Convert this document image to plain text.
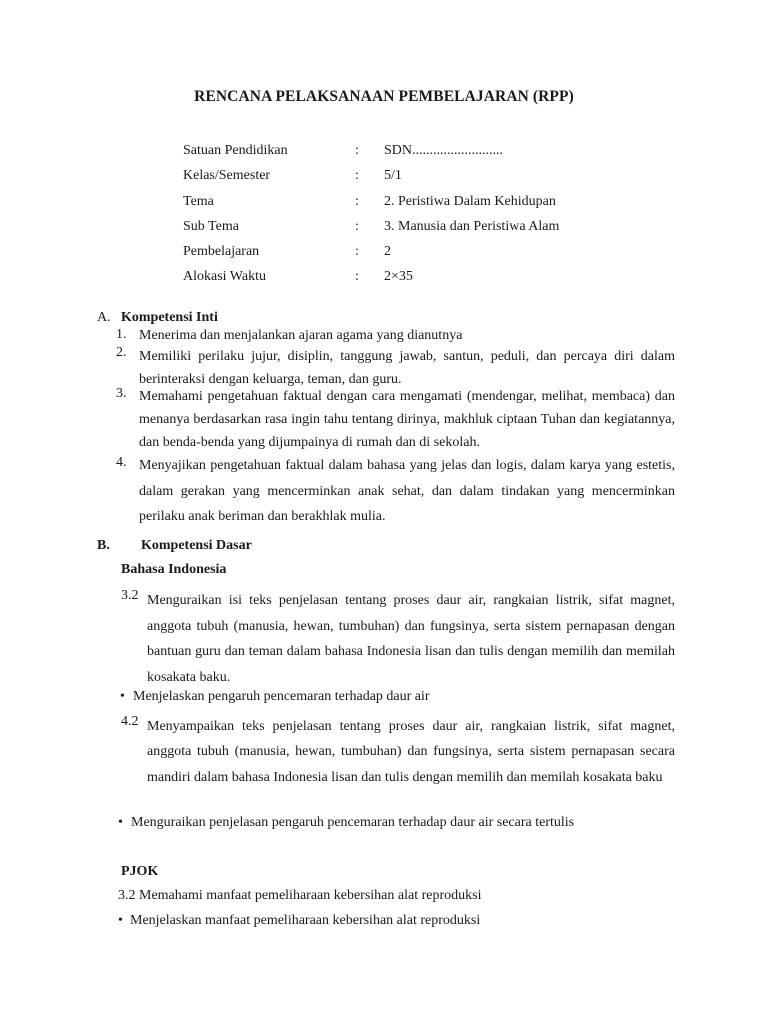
RENCANA PELAKSANAAN PEMBELAJARAN (RPP)
Satuan Pendidikan	: SDN..........................
Kelas/Semester	: 5/1
Tema	: 2. Peristiwa Dalam Kehidupan
Sub Tema	: 3. Manusia dan Peristiwa Alam
Pembelajaran	: 2
Alokasi Waktu	: 2×35
A. Kompetensi Inti
1. Menerima dan menjalankan ajaran agama yang dianutnya
2. Memiliki perilaku jujur, disiplin, tanggung jawab, santun, peduli, dan percaya diri dalam berinteraksi dengan keluarga, teman, dan guru.
3. Memahami pengetahuan faktual dengan cara mengamati (mendengar, melihat, membaca) dan menanya berdasarkan rasa ingin tahu tentang dirinya, makhluk ciptaan Tuhan dan kegiatannya, dan benda-benda yang dijumpainya di rumah dan di sekolah.
4. Menyajikan pengetahuan faktual dalam bahasa yang jelas dan logis, dalam karya yang estetis, dalam gerakan yang mencerminkan anak sehat, dan dalam tindakan yang mencerminkan perilaku anak beriman dan berakhlak mulia.
B. Kompetensi Dasar
Bahasa Indonesia
3.2 Menguraikan isi teks penjelasan tentang proses daur air, rangkaian listrik, sifat magnet, anggota tubuh (manusia, hewan, tumbuhan) dan fungsinya, serta sistem pernapasan dengan bantuan guru dan teman dalam bahasa Indonesia lisan dan tulis dengan memilih dan memilah kosakata baku.
• Menjelaskan pengaruh pencemaran terhadap daur air
4.2 Menyampaikan teks penjelasan tentang proses daur air, rangkaian listrik, sifat magnet, anggota tubuh (manusia, hewan, tumbuhan) dan fungsinya, serta sistem pernapasan secara mandiri dalam bahasa Indonesia lisan dan tulis dengan memilih dan memilah kosakata baku
• Menguraikan penjelasan pengaruh pencemaran terhadap daur air secara tertulis
PJOK
3.2 Memahami manfaat pemeliharaan kebersihan alat reproduksi
• Menjelaskan manfaat pemeliharaan kebersihan alat reproduksi
